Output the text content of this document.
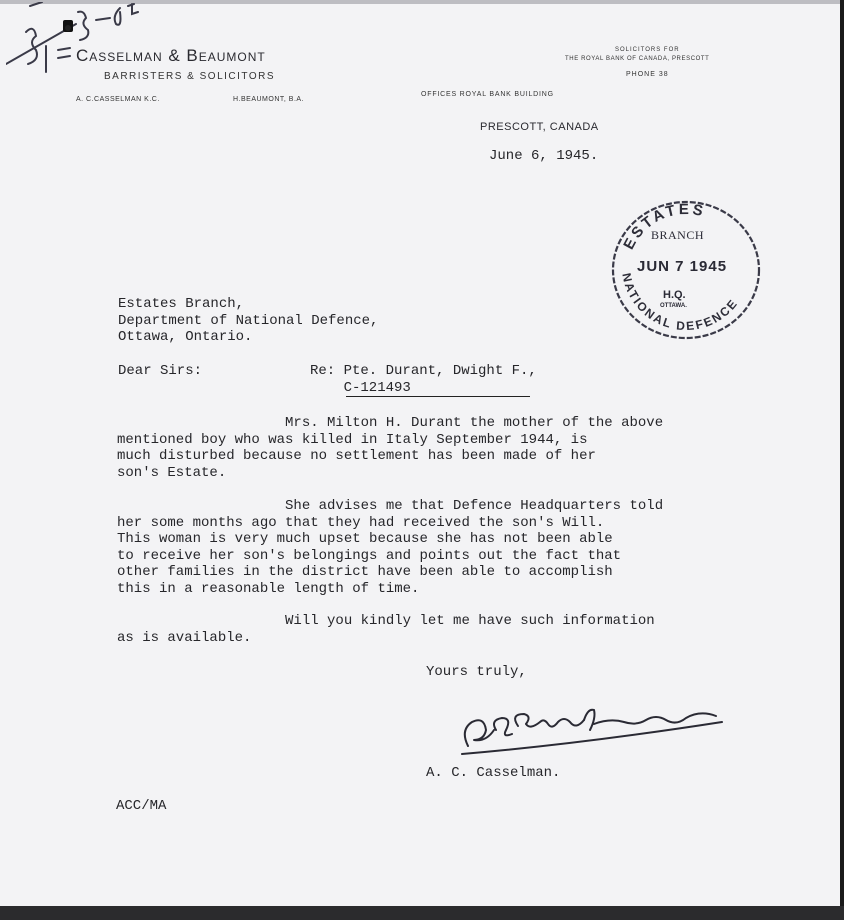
31-5-64
Casselman & Beaumont
BARRISTERS & SOLICITORS
A. C.CASSELMAN K.C.	H.BEAUMONT, B.A.
OFFICES ROYAL BANK BUILDING
SOLICITORS FOR
THE ROYAL BANK OF CANADA, PRESCOTT
PHONE 38
PRESCOTT, CANADA
June 6, 1945.
ESTATES
NATIONAL DEFENCE
BRANCH
JUN 7 1945
H.Q.
OTTAWA.
Estates Branch,
Department of National Defence,
Ottawa, Ontario.
Dear Sirs:	Re: Pte. Durant, Dwight F.,
C-121493
Mrs. Milton H. Durant the mother of the above
mentioned boy who was killed in Italy September 1944, is
much disturbed because no settlement has been made of her
son's Estate.
She advises me that Defence Headquarters told
her some months ago that they had received the son's Will.
This woman is very much upset because she has not been able
to receive her son's belongings and points out the fact that
other families in the district have been able to accomplish
this in a reasonable length of time.
Will you kindly let me have such information
as is available.
Yours truly,
A C Casselman
A. C. Casselman.
ACC/MA
